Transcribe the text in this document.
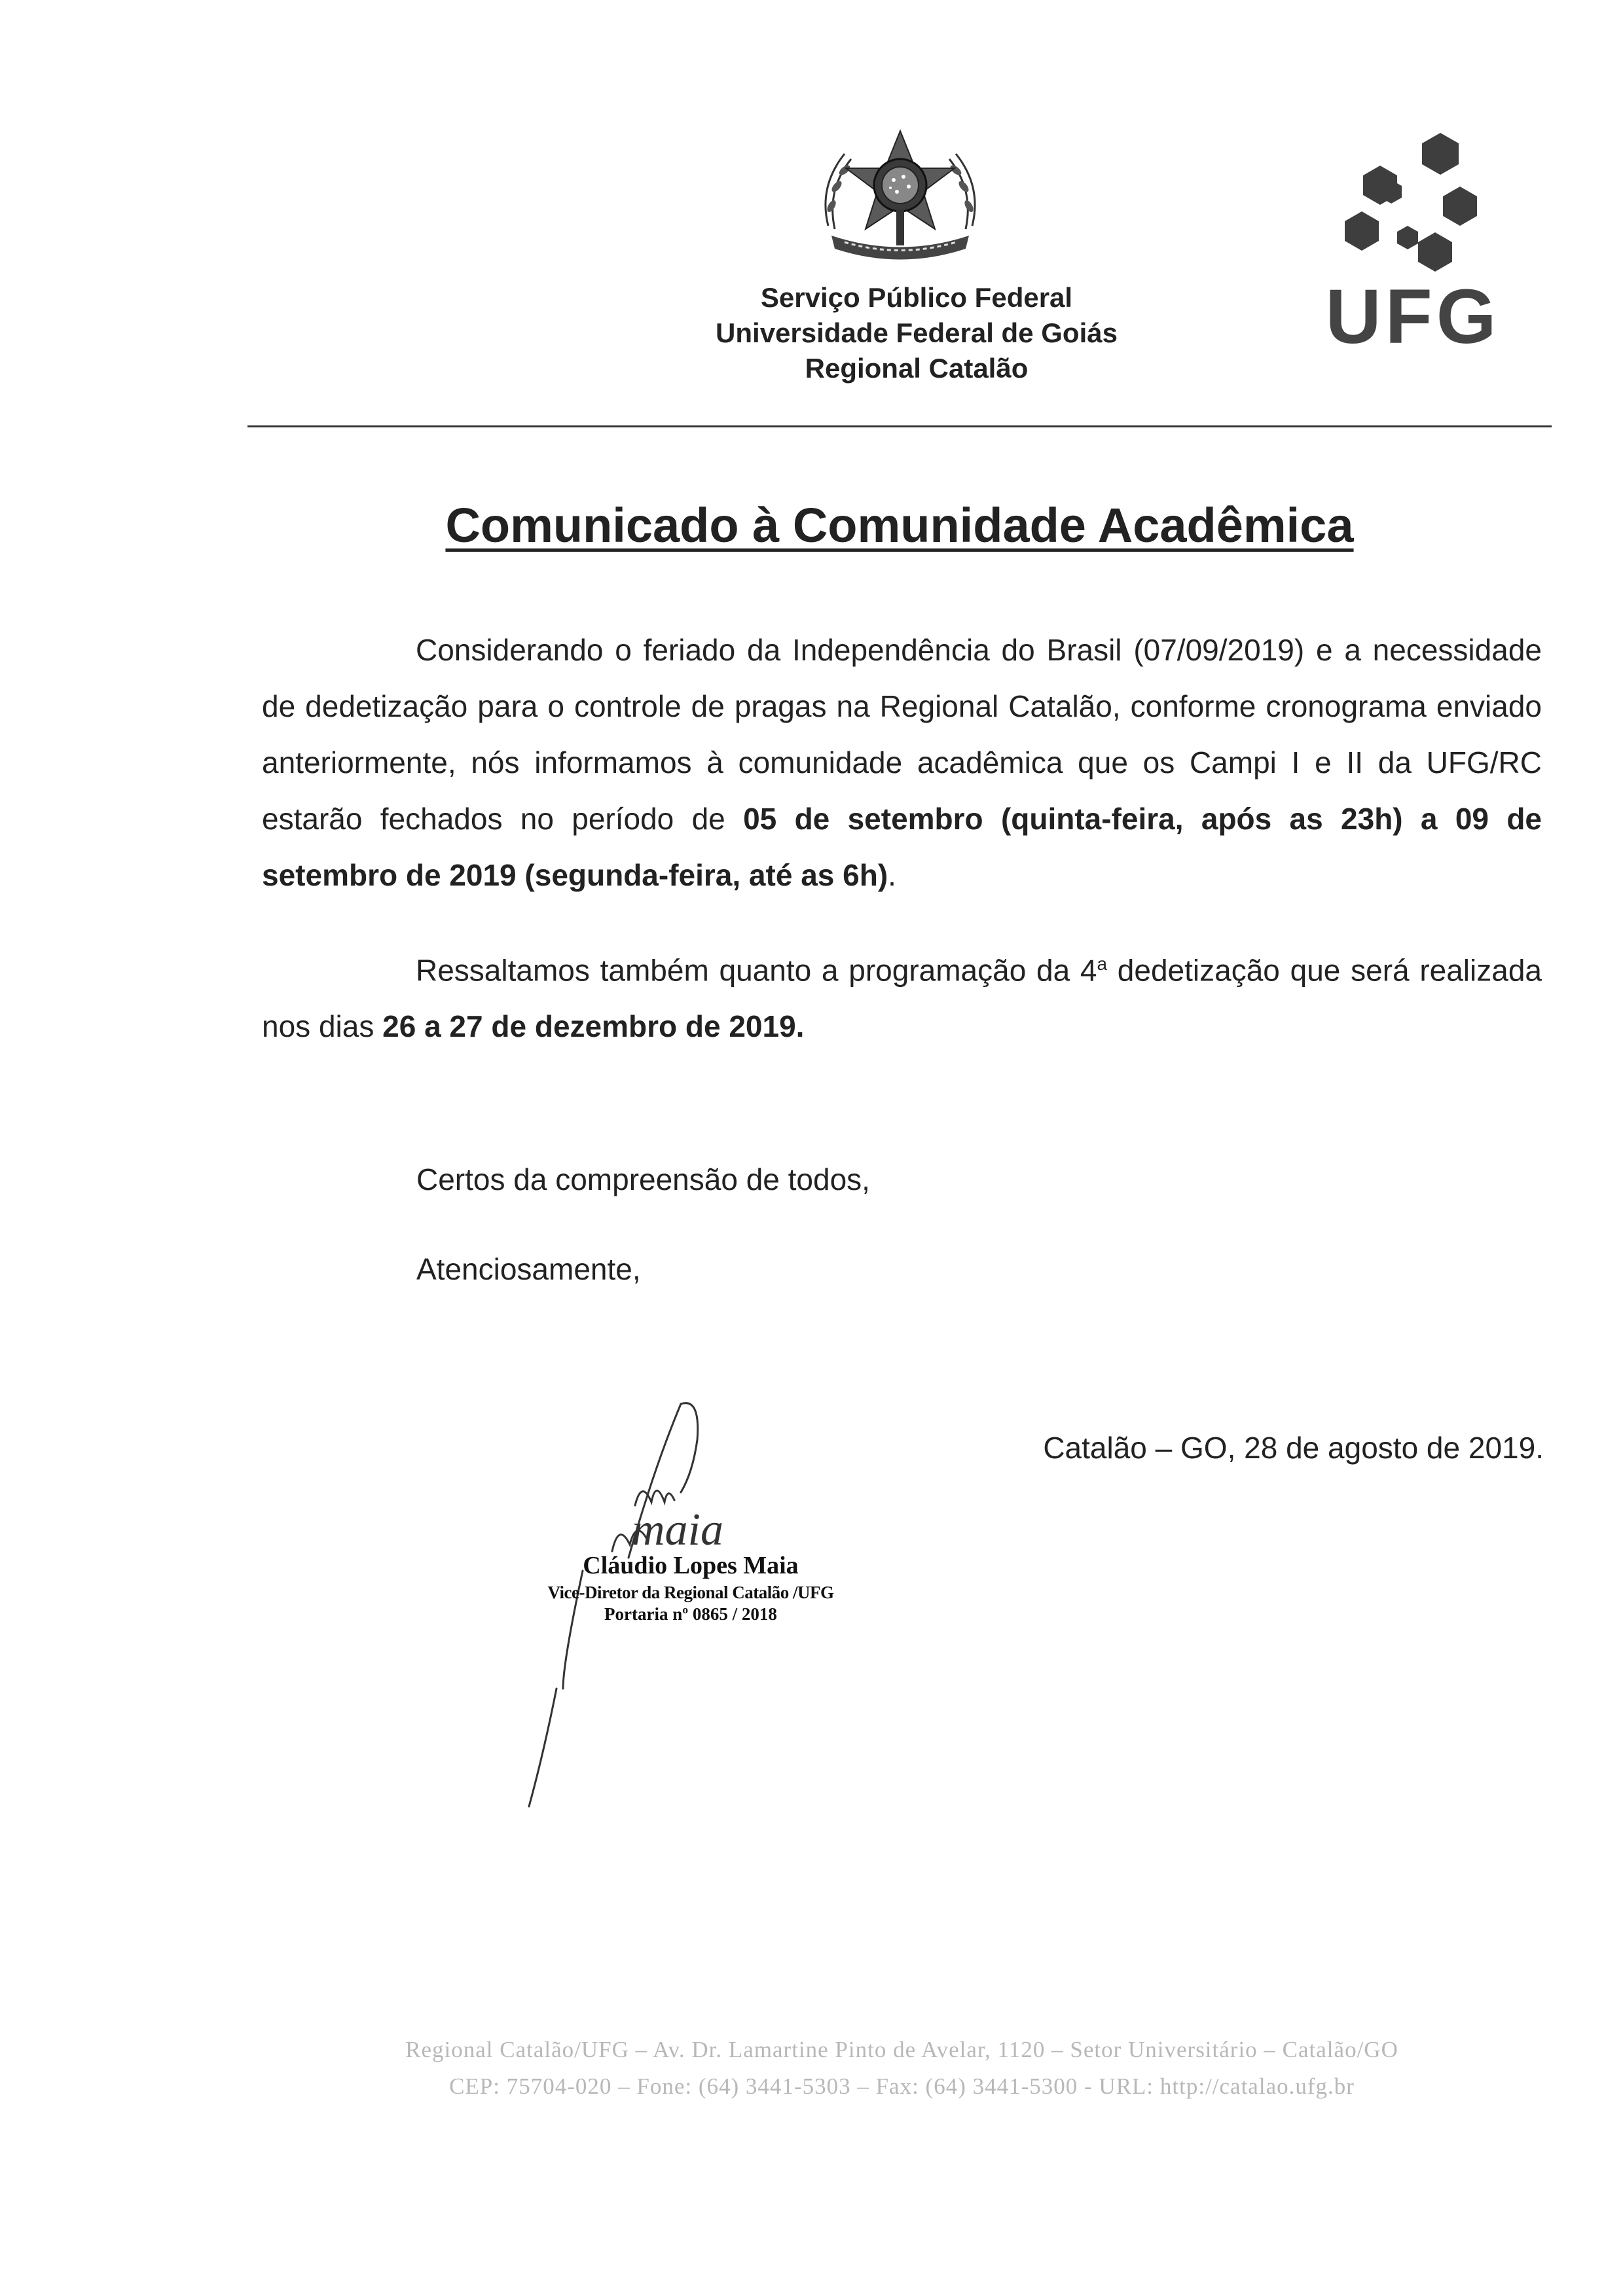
Serviço Público Federal
Universidade Federal de Goiás
Regional Catalão
UFG
Comunicado à Comunidade Acadêmica
Considerando o feriado da Independência do Brasil (07/09/2019) e a necessidade de dedetização para o controle de pragas na Regional Catalão, conforme cronograma enviado anteriormente, nós informamos à comunidade acadêmica que os Campi I e II da UFG/RC estarão fechados no período de 05 de setembro (quinta-feira, após as 23h) a 09 de setembro de 2019 (segunda-feira, até as 6h).
Ressaltamos também quanto a programação da 4$^a$ dedetização que será realizada nos dias 26 a 27 de dezembro de 2019.
Certos da compreensão de todos,
Atenciosamente,
Catalão – GO, 28 de agosto de 2019.
maia
Cláudio Lopes Maia
Vice-Diretor da Regional Catalão /UFG
Portaria nº 0865 / 2018
Regional Catalão/UFG – Av. Dr. Lamartine Pinto de Avelar, 1120 – Setor Universitário – Catalão/GO
CEP: 75704-020 – Fone: (64) 3441-5303 – Fax: (64) 3441-5300 - URL: http://catalao.ufg.br
